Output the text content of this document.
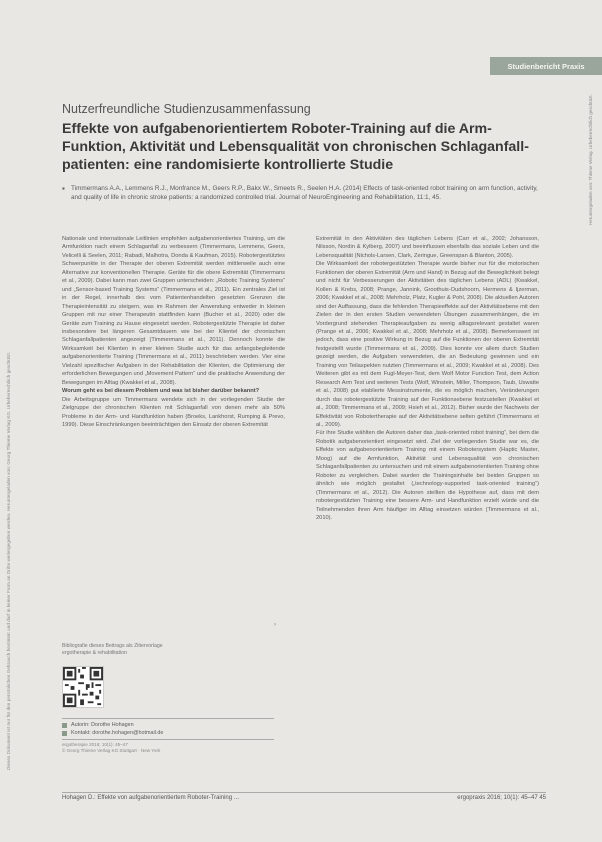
Dieses Dokument ist nur für den persönlichen Gebrauch bestimmt und darf in keiner Form an Dritte weitergegeben werden. Heruntergeladen von: Georg Thieme Verlag KG. Urheberrechtlich geschützt.
Heruntergeladen von: Thieme Verlag. Urheberrechtlich geschützt.
Studienbericht Praxis
Nutzerfreundliche Studienzusammenfassung
Effekte von aufgabenorientiertem Roboter-Training auf die Arm-Funktion, Aktivität und Lebensqualität von chronischen Schlaganfall-patienten: eine randomisierte kontrollierte Studie
▪ Timmermans A.A., Lemmens R.J., Monfrance M., Geers R.P., Bakx W., Smeets R., Seelen H.A. (2014) Effects of task-oriented robot training on arm function, activity, and quality of life in chronic stroke patients: a randomized controlled trial. Journal of NeuroEngineering and Rehabilitation, 11:1, 45.

Nationale und internationale Leitlinien empfehlen aufgabenorientiertes Training, um die Armfunktion nach einem Schlaganfall zu verbessern (Timmermans, Lemmens, Geers, Velicelli & Seelen, 2011; Rabadi, Malhotra, Donda & Kaufman, 2015). Robotergestütztes Schwerpunkte in der Therapie der oberen Extremität werden mittlerweile auch eine Alternative zur konventionellen Therapie. Geräte für die obere Extremität (Timmermans et al., 2009). Dabei kann man zwei Gruppen unterscheiden: „Robotic Training Systems“ und „Sensor-based Training Systems“ (Timmermans et al., 2011). Ein zentrales Ziel ist in der Regel, innerhalb des vom Patientenhandelten gesetzten Grenzen die Therapieintensität zu steigern, was im Rahmen der Anwendung entweder in kleinen Gruppen mit nur einer Therapeutin stattfinden kann (Bucher et al., 2020) oder die Geräte zum Training zu Hause eingesetzt werden. Robotergestützte Therapie ist daher insbesondere bei längeren Gesamtdauern wie bei der Klientel der chronischen Schlaganfallpatienten angezeigt (Timmermans et al., 2011). Dennoch konnte die Wirksamkeit bei Klienten in einer kleinen Studie auch für das anfangsbegleitende aufgabenorientierte Training (Timmermans et al., 2011) beschrieben werden. Vier eine Vielzahl spezifischer Aufgaben in der Rehabilitation der Klienten, die Optimierung der erforderlichen Bewegungen und „Movement Pattern“ und die praktische Anwendung der Bewegungen im Alltag (Kwakkel et al., 2008).

Worum geht es bei diesem Problem und was ist bisher darüber bekannt?

Die Arbeitsgruppe um Timmermans wendete sich in der vorliegenden Studie der Zielgruppe der chronischen Klienten mit Schlaganfall von denen mehr als 50% Probleme in der Arm- und Handfunktion haben (Broeks, Lankhorst, Rumping & Prevo, 1999). Diese Einschränkungen beeinträchtigen den Einsatz der oberen Extremität

›
Bibliografie dieses Beitrags als Zitiervorlage
ergotherapie & rehabilitation
Autorin: Dorothe Hohagen
Kontakt: dorothe.hohagen@hotmail.de
ergotherapie 2016; 10(1): 45–47
© Georg Thieme Verlag KG Stuttgart · New York

Extremität in den Aktivitäten des täglichen Lebens (Carr et al., 2002; Johansson, Nilsson, Nordin & Kylberg, 2007) und beeinflussen ebenfalls das soziale Leben und die Lebensqualität (Nichols-Larsen, Clark, Zeringue, Greenspan & Blanton, 2005).

Die Wirksamkeit der robotergestützten Therapie wurde bisher nur für die motorischen Funktionen der oberen Extremität (Arm und Hand) in Bezug auf die Beweglichkeit belegt und nicht für Verbesserungen der Aktivitäten des täglichen Lebens (ADL) (Kwakkel, Kollen & Krebs, 2008; Prange, Jannink, Groothuis-Oudshoorn, Hermens & Ijzerman, 2006; Kwakkel et al., 2008; Mehrholz, Platz, Kugler & Pohl, 2008). Die aktuellen Autoren sind der Auffassung, dass die fehlenden Therapieeffekte auf der Aktivitätsebene mit den Zielen der in den ersten Studien verwendeten Übungen zusammenhängen, die im Vordergrund stehenden Therapieaufgaben zu wenig alltagsrelevant gestaltet waren (Prange et al., 2006; Kwakkel et al., 2008; Mehrholz et al., 2008). Bemerkenswert ist jedoch, dass eine positive Wirkung in Bezug auf die Funktionen der oberen Extremität festgestellt wurde (Timmermans et al., 2009). Dies konnte vor allem durch Studien gezeigt werden, die Aufgaben verwendeten, die an Bedeutung gewinnen und ein Training von Teilaspekten nutzten (Timmermans et al., 2009; Kwakkel et al., 2008). Des Weiteren gibt es mit dem Fugl-Meyer-Test, dem Wolf Motor Function Test, dem Action Research Arm Test und weiteren Tests (Wolf, Winstein, Miller, Thompson, Taub, Uswatte et al., 2008) gut etablierte Messinstrumente, die es möglich machen, Veränderungen durch das robotergestützte Training auf der Funktionsebene festzustellen (Kwakkel et al., 2008; Timmermans et al., 2009; Hsieh et al., 2012). Bisher wurde der Nachweis der Effektivität von Robotertherapie auf der Aktivitätsebene selten geführt (Timmermans et al., 2009).

Für ihre Studie wählten die Autoren daher das „task-oriented robot training“, bei dem die Robotik aufgabenorientiert eingesetzt wird. Ziel der vorliegenden Studie war es, die Effekte von aufgabenorientiertem Training mit einem Robotersystem (Haptic Master, Moog) auf die Armfunktion, Aktivität und Lebensqualität von chronischen Schlaganfallpatienten zu untersuchen und mit einem aufgabenorientierten Training ohne Roboter zu vergleichen. Dabei wurden die Trainingsinhalte bei beiden Gruppen so ähnlich wie möglich gestaltet („technology-supported task-oriented training“) (Timmermans et al., 2012). Die Autoren stellten die Hypothese auf, dass mit dem robotergestützten Training eine bessere Arm- und Handfunktion erzielt würde und die Teilnehmenden ihren Arm häufiger im Alltag einsetzen würden (Timmermans et al., 2010).

Hohagen D.: Effekte von aufgabenorientiertem Roboter-Training …	ergopraxis 2016; 10(1): 45–47 45
